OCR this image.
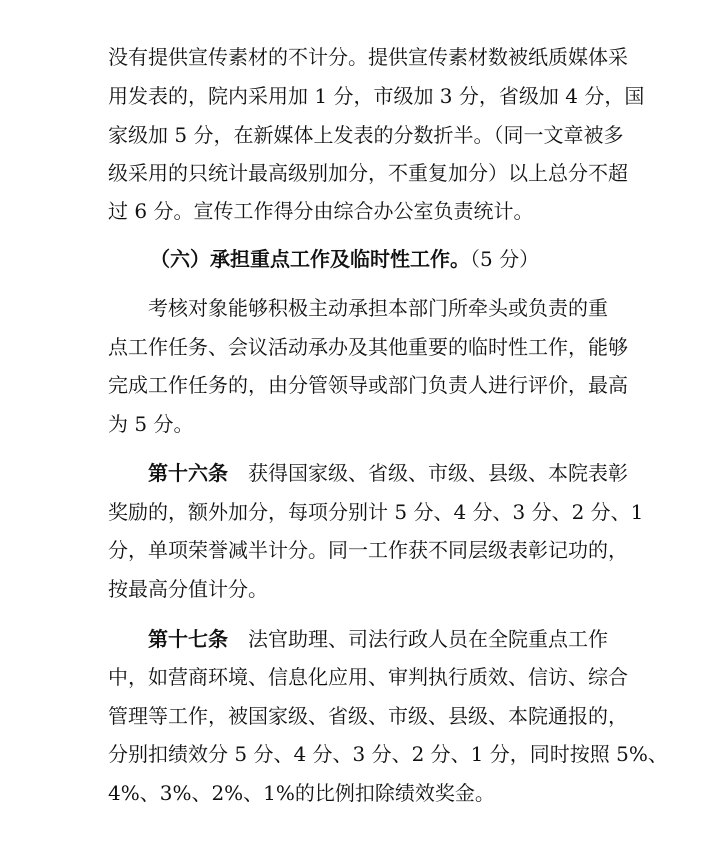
没有提供宣传素材的不计分。提供宣传素材数被纸质媒体采
用发表的，院内采用加 1 分，市级加 3 分，省级加 4 分，国
家级加 5 分，在新媒体上发表的分数折半。（同一文章被多
级采用的只统计最高级别加分，不重复加分）以上总分不超
过 6 分。宣传工作得分由综合办公室负责统计。
（六）承担重点工作及临时性工作。（5 分）
考核对象能够积极主动承担本部门所牵头或负责的重
点工作任务、会议活动承办及其他重要的临时性工作，能够
完成工作任务的，由分管领导或部门负责人进行评价，最高
为 5 分。
第十六条 获得国家级、省级、市级、县级、本院表彰
奖励的，额外加分，每项分别计 5 分、4 分、3 分、2 分、1
分，单项荣誉减半计分。同一工作获不同层级表彰记功的，
按最高分值计分。
第十七条 法官助理、司法行政人员在全院重点工作
中，如营商环境、信息化应用、审判执行质效、信访、综合
管理等工作，被国家级、省级、市级、县级、本院通报的，
分别扣绩效分 5 分、4 分、3 分、2 分、1 分，同时按照 5%、
4%、3%、2%、1%的比例扣除绩效奖金。
